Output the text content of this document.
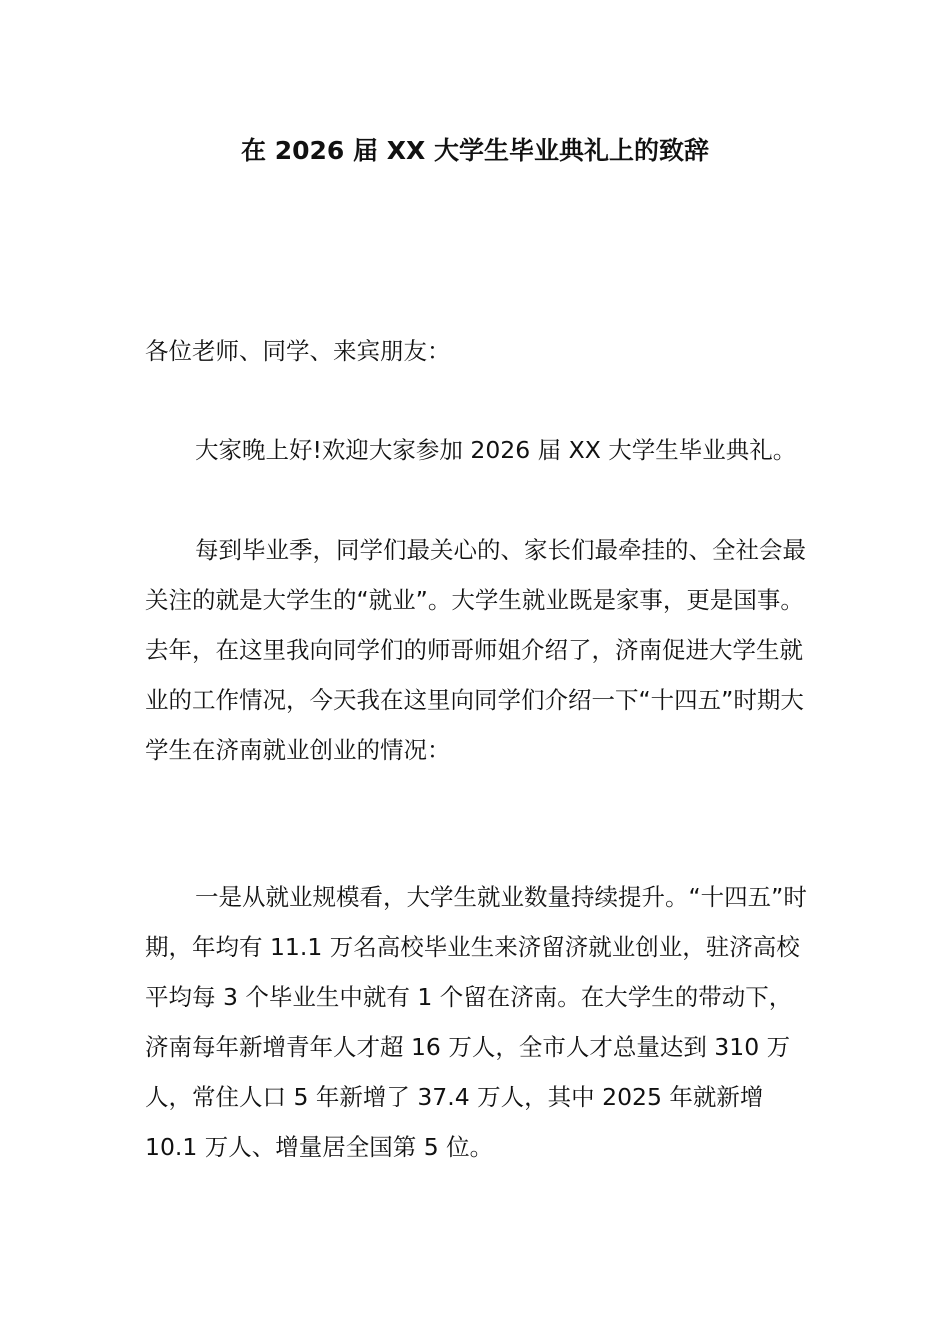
在 2026 届 XX 大学生毕业典礼上的致辞

各位老师、同学、来宾朋友：

大家晚上好!欢迎大家参加 2026 届 XX 大学生毕业典礼。

每到毕业季，同学们最关心的、家长们最牵挂的、全社会最关注的就是大学生的“就业”。大学生就业既是家事，更是国事。去年，在这里我向同学们的师哥师姐介绍了，济南促进大学生就业的工作情况，今天我在这里向同学们介绍一下“十四五”时期大学生在济南就业创业的情况：

一是从就业规模看，大学生就业数量持续提升。“十四五”时期，年均有 11.1 万名高校毕业生来济留济就业创业，驻济高校平均每 3 个毕业生中就有 1 个留在济南。在大学生的带动下，济南每年新增青年人才超 16 万人，全市人才总量达到 310 万人，常住人口 5 年新增了 37.4 万人，其中 2025 年就新增 10.1 万人、增量居全国第 5 位。
